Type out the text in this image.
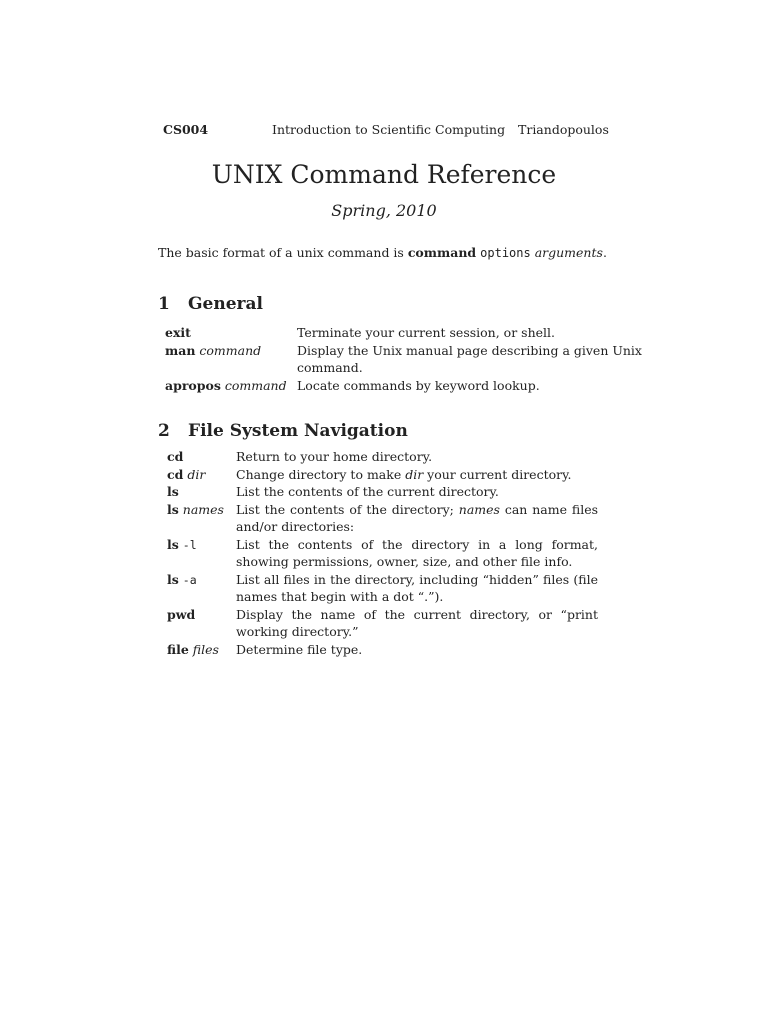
CS004	Introduction to Scientific Computing Triandopoulos
UNIX Command Reference
Spring, 2010
The basic format of a unix command is command options arguments.
1 General
exit	Terminate your current session, or shell.
man command	Display the Unix manual page describing a given Unix command.
apropos command	Locate commands by keyword lookup.
2 File System Navigation
cd	Return to your home directory.
cd dir	Change directory to make dir your current directory.
ls	List the contents of the current directory.
ls names	List the contents of the directory; names can name files and/or directories:
ls -l	List the contents of the directory in a long format, showing permissions, owner, size, and other file info.
ls -a	List all files in the directory, including “hidden” files (file names that begin with a dot “.”).
pwd	Display the name of the current directory, or “print working directory.”
file files	Determine file type.
